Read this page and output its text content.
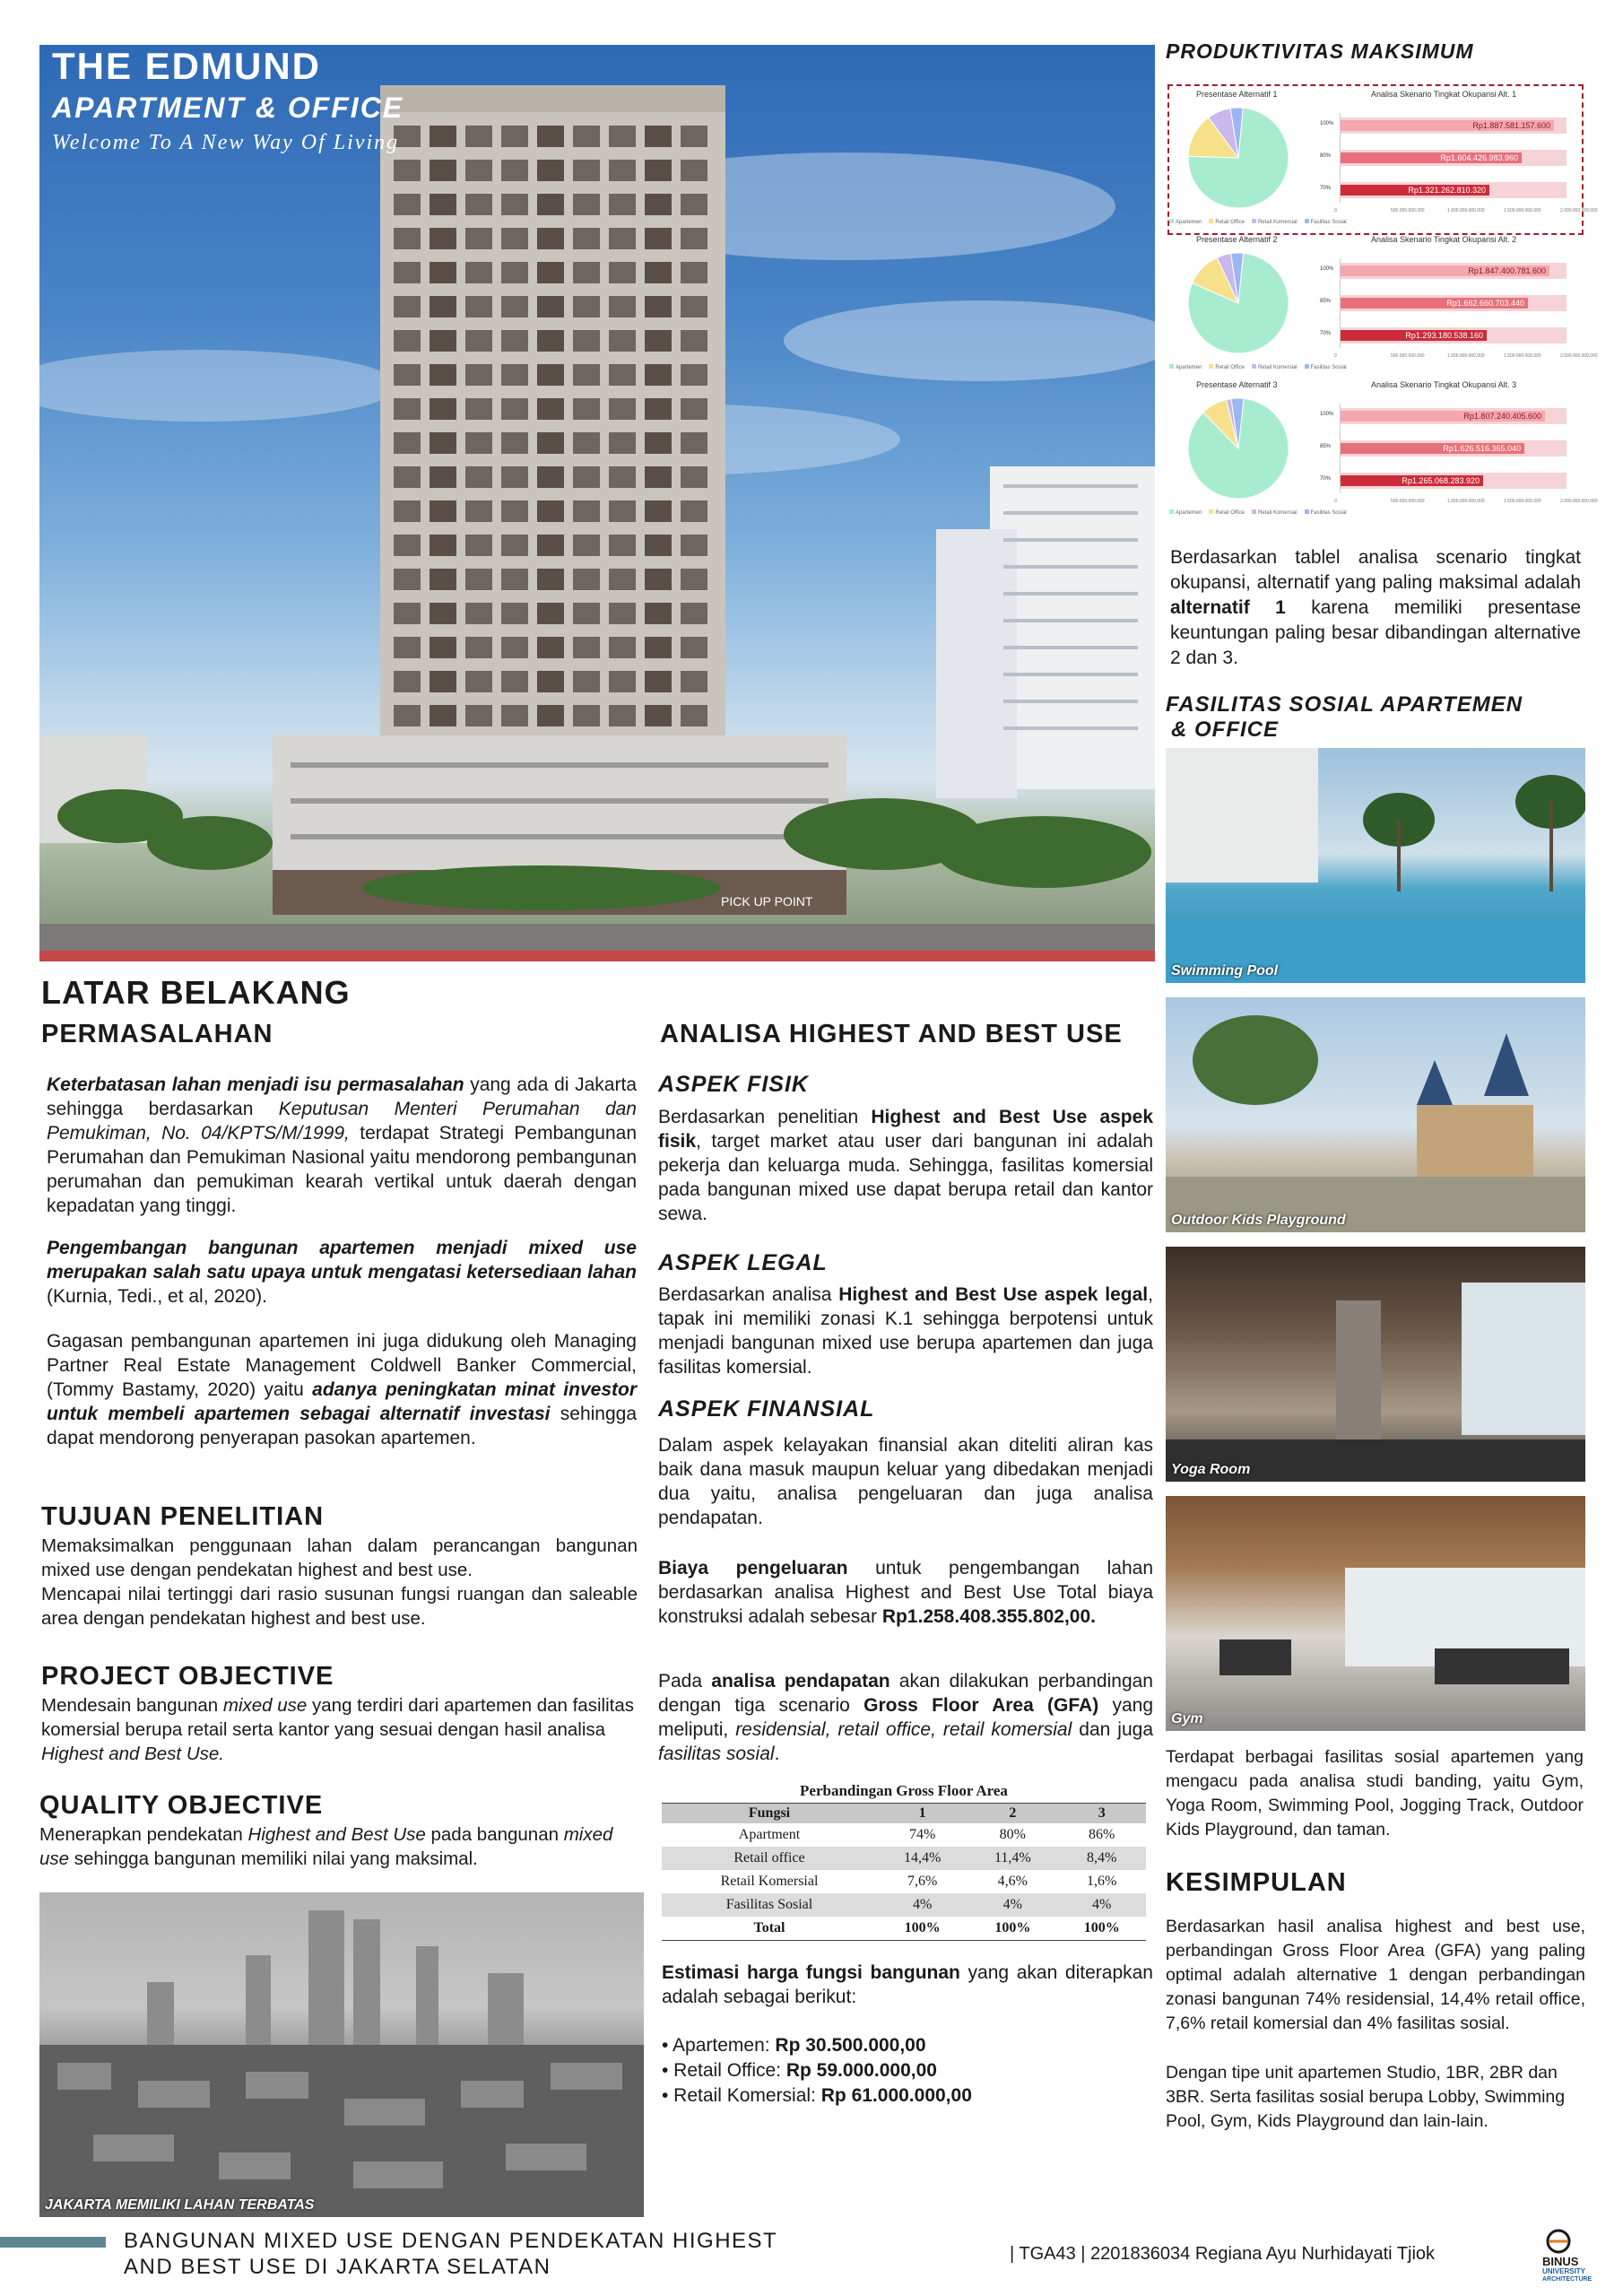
PICK UP POINT
THE EDMUND
APARTMENT & OFFICE
Welcome To A New Way Of Living
LATAR BELAKANG
PERMASALAHAN
Keterbatasan lahan menjadi isu permasalahan yang ada di Jakarta sehingga berdasarkan Keputusan Menteri Perumahan dan Pemukiman, No. 04/KPTS/M/1999, terdapat Strategi Pembangunan Perumahan dan Pemukiman Nasional yaitu mendorong pembangunan perumahan dan pemukiman kearah vertikal untuk daerah dengan kepadatan yang tinggi.
Pengembangan bangunan apartemen menjadi mixed use merupakan salah satu upaya untuk mengatasi ketersediaan lahan (Kurnia, Tedi., et al, 2020).
Gagasan pembangunan apartemen ini juga didukung oleh Managing Partner Real Estate Management Coldwell Banker Commercial, (Tommy Bastamy, 2020) yaitu adanya peningkatan minat investor untuk membeli apartemen sebagai alternatif investasi sehingga dapat mendorong penyerapan pasokan apartemen.
TUJUAN PENELITIAN
Memaksimalkan penggunaan lahan dalam perancangan bangunan mixed use dengan pendekatan highest and best use.
Mencapai nilai tertinggi dari rasio susunan fungsi ruangan dan saleable area dengan pendekatan highest and best use.
PROJECT OBJECTIVE
Mendesain bangunan mixed use yang terdiri dari apartemen dan fasilitas komersial berupa retail serta kantor yang sesuai dengan hasil analisa Highest and Best Use.
QUALITY OBJECTIVE
Menerapkan pendekatan Highest and Best Use pada bangunan mixed use sehingga bangunan memiliki nilai yang maksimal.
JAKARTA MEMILIKI LAHAN TERBATAS
ANALISA HIGHEST AND BEST USE
ASPEK FISIK
Berdasarkan penelitian Highest and Best Use aspek fisik, target market atau user dari bangunan ini adalah pekerja dan keluarga muda. Sehingga, fasilitas komersial pada bangunan mixed use dapat berupa retail dan kantor sewa.
ASPEK LEGAL
Berdasarkan analisa Highest and Best Use aspek legal, tapak ini memiliki zonasi K.1 sehingga berpotensi untuk menjadi bangunan mixed use berupa apartemen dan juga fasilitas komersial.
ASPEK FINANSIAL
Dalam aspek kelayakan finansial akan diteliti aliran kas baik dana masuk maupun keluar yang dibedakan menjadi dua yaitu, analisa pengeluaran dan juga analisa pendapatan.
Biaya pengeluaran untuk pengembangan lahan berdasarkan analisa Highest and Best Use Total biaya konstruksi adalah sebesar Rp1.258.408.355.802,00.
Pada analisa pendapatan akan dilakukan perbandingan dengan tiga scenario Gross Floor Area (GFA) yang meliputi, residensial, retail office, retail komersial dan juga fasilitas sosial.
Perbandingan Gross Floor Area
Fungsi	1	2	3
Apartment	74%	80%	86%
Retail office	14,4%	11,4%	8,4%
Retail Komersial	7,6%	4,6%	1,6%
Fasilitas Sosial	4%	4%	4%
Total	100%	100%	100%
Estimasi harga fungsi bangunan yang akan diterapkan adalah sebagai berikut:
• Apartemen: Rp 30.500.000,00
• Retail Office: Rp 59.000.000,00
• Retail Komersial: Rp 61.000.000,00
PRODUKTIVITAS MAKSIMUM
Presentase Alternatif 1	Analisa Skenario Tingkat Okupansi Alt. 1
Apartemen	Retail Office	Retail Komersial	Fasilitas Sosial
100%	Rp1.887.581.157.600
80%	Rp1.604.426.983.960
70%	Rp1.321.262.810.320
0	500.000.000.000	1.000.000.000.000	1.500.000.000.000	2.000.000.000.000
Presentase Alternatif 2	Analisa Skenario Tingkat Okupansi Alt. 2
Apartemen	Retail Office	Retail Komersial	Fasilitas Sosial
100%	Rp1.847.400.781.600
85%	Rp1.662.660.703.440
70%	Rp1.293.180.538.160
0	500.000.000.000	1.000.000.000.000	1.500.000.000.000	2.000.000.000.000
Presentase Alternatif 3	Analisa Skenario Tingkat Okupansi Alt. 3
Apartemen	Retail Office	Retail Komersial	Fasilitas Sosial
100%	Rp1.807.240.405.600
85%	Rp1.626.516.365.040
70%	Rp1.265.068.283.920
0	500.000.000.000	1.000.000.000.000	1.500.000.000.000	2.000.000.000.000
Berdasarkan tablel analisa scenario tingkat okupansi, alternatif yang paling maksimal adalah alternatif 1 karena memiliki presentase keuntungan paling besar dibandingan alternative 2 dan 3.
FASILITAS SOSIAL APARTEMEN
& OFFICE
Swimming Pool
Outdoor Kids Playground
Yoga Room
Gym
Terdapat berbagai fasilitas sosial apartemen yang mengacu pada analisa studi banding, yaitu Gym, Yoga Room, Swimming Pool, Jogging Track, Outdoor Kids Playground, dan taman.
KESIMPULAN
Berdasarkan hasil analisa highest and best use, perbandingan Gross Floor Area (GFA) yang paling optimal adalah alternative 1 dengan perbandingan zonasi bangunan 74% residensial, 14,4% retail office, 7,6% retail komersial dan 4% fasilitas sosial.
Dengan tipe unit apartemen Studio, 1BR, 2BR dan 3BR. Serta fasilitas sosial berupa Lobby, Swimming Pool, Gym, Kids Playground dan lain-lain.
BANGUNAN MIXED USE DENGAN PENDEKATAN HIGHEST
AND BEST USE DI JAKARTA SELATAN
| TGA43 | 2201836034 Regiana Ayu Nurhidayati Tjiok	BINUS
UNIVERSITY
ARCHITECTURE
